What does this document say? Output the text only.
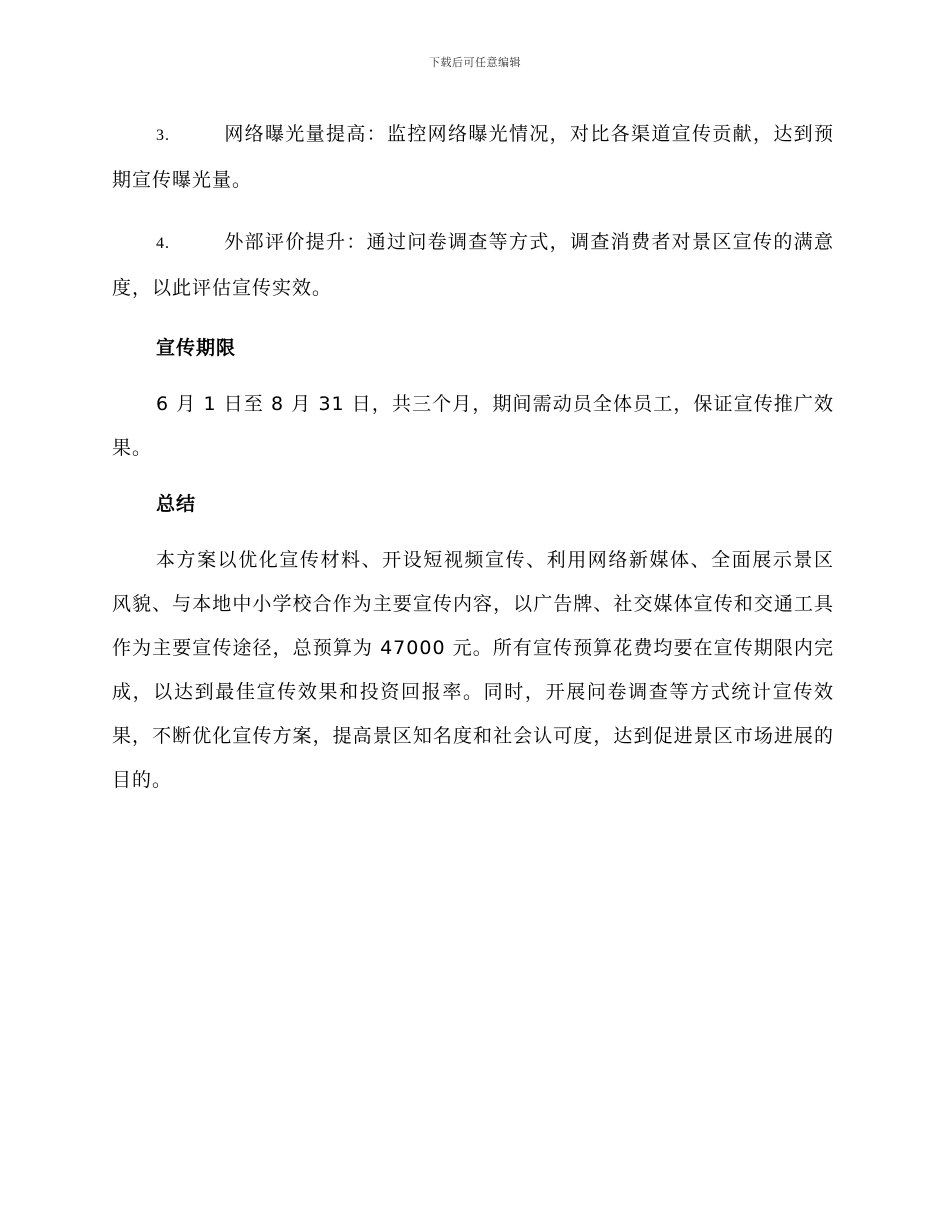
下载后可任意编辑

3.	网络曝光量提高：监控网络曝光情况，对比各渠道宣传贡献，达到预期宣传曝光量。

4.	外部评价提升：通过问卷调查等方式，调查消费者对景区宣传的满意度，以此评估宣传实效。

宣传期限

6 月 1 日至 8 月 31 日，共三个月，期间需动员全体员工，保证宣传推广效果。

总结

本方案以优化宣传材料、开设短视频宣传、利用网络新媒体、全面展示景区风貌、与本地中小学校合作为主要宣传内容，以广告牌、社交媒体宣传和交通工具作为主要宣传途径，总预算为 47000 元。所有宣传预算花费均要在宣传期限内完成，以达到最佳宣传效果和投资回报率。同时，开展问卷调查等方式统计宣传效果，不断优化宣传方案，提高景区知名度和社会认可度，达到促进景区市场进展的目的。
